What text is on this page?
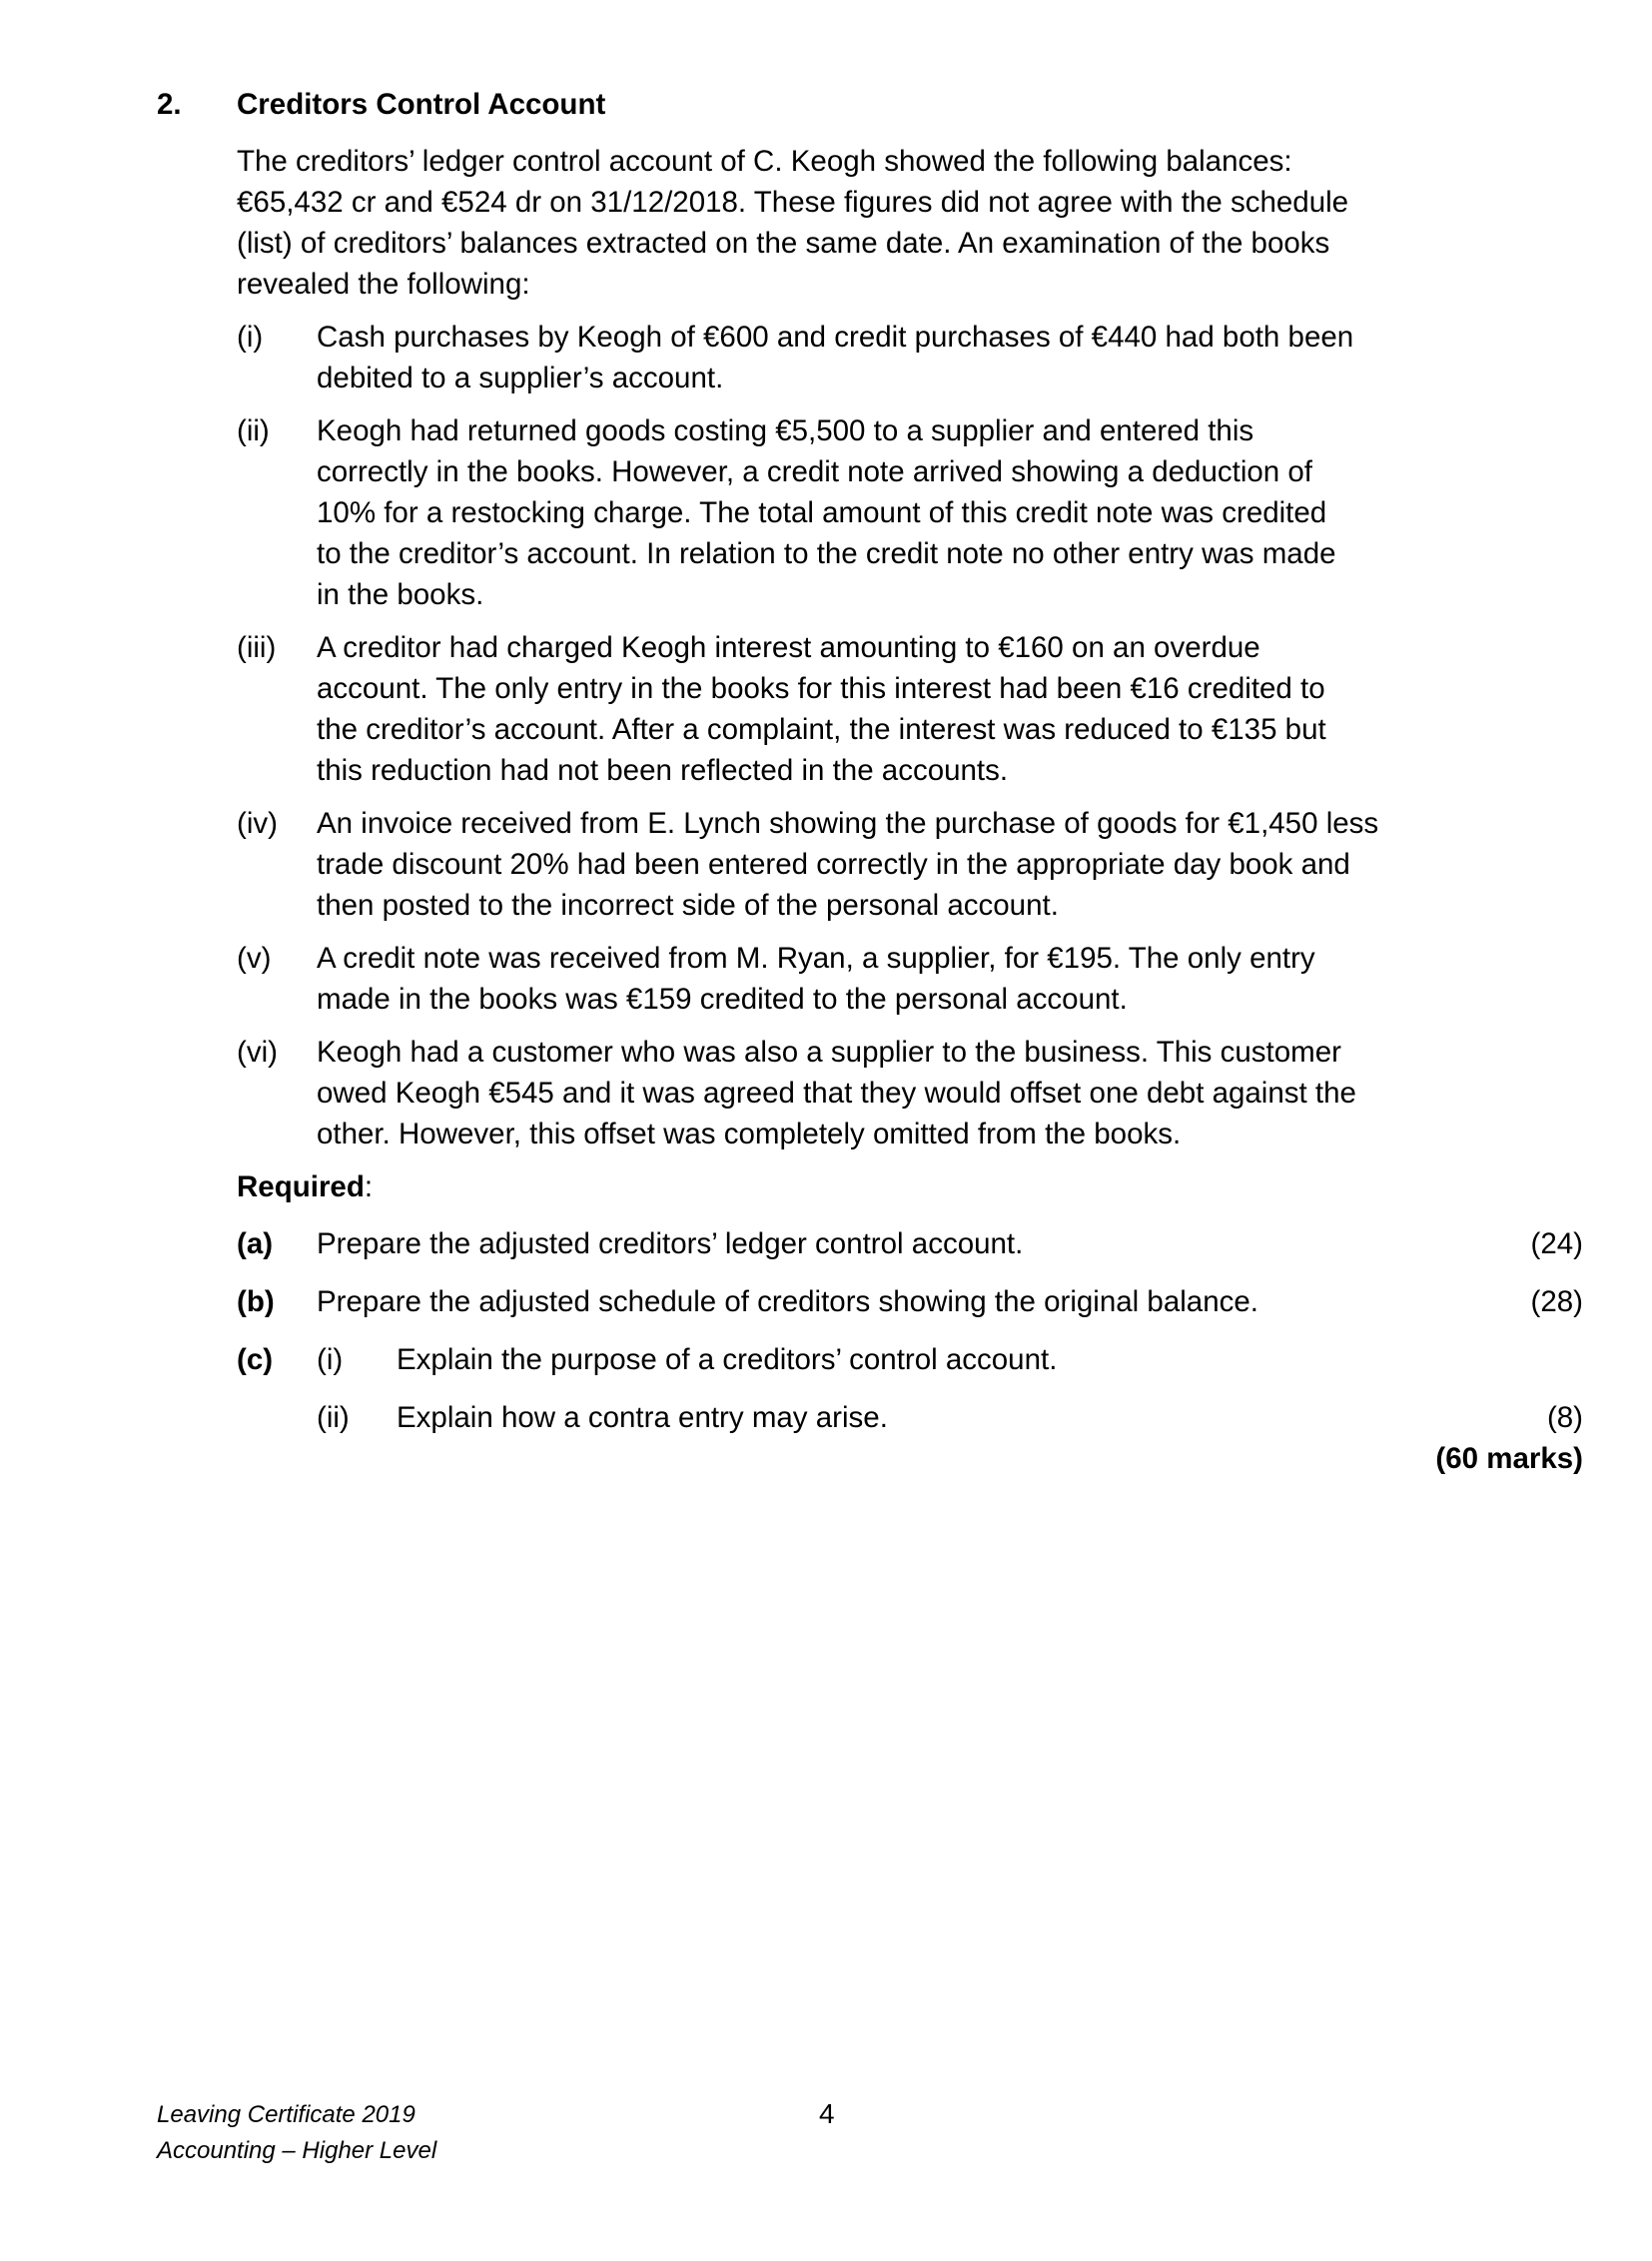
2. Creditors Control Account
The creditors’ ledger control account of C. Keogh showed the following balances:
€65,432 cr and €524 dr on 31/12/2018. These figures did not agree with the schedule
(list) of creditors’ balances extracted on the same date. An examination of the books
revealed the following:
(i) Cash purchases by Keogh of €600 and credit purchases of €440 had both been
debited to a supplier’s account.
(ii) Keogh had returned goods costing €5,500 to a supplier and entered this
correctly in the books. However, a credit note arrived showing a deduction of
10% for a restocking charge. The total amount of this credit note was credited
to the creditor’s account. In relation to the credit note no other entry was made
in the books.
(iii) A creditor had charged Keogh interest amounting to €160 on an overdue
account. The only entry in the books for this interest had been €16 credited to
the creditor’s account. After a complaint, the interest was reduced to €135 but
this reduction had not been reflected in the accounts.
(iv) An invoice received from E. Lynch showing the purchase of goods for €1,450 less
trade discount 20% had been entered correctly in the appropriate day book and
then posted to the incorrect side of the personal account.
(v) A credit note was received from M. Ryan, a supplier, for €195. The only entry
made in the books was €159 credited to the personal account.
(vi) Keogh had a customer who was also a supplier to the business. This customer
owed Keogh €545 and it was agreed that they would offset one debt against the
other. However, this offset was completely omitted from the books.
Required:
(a) Prepare the adjusted creditors’ ledger control account.	(24)
(b) Prepare the adjusted schedule of creditors showing the original balance.	(28)
(c) (i) Explain the purpose of a creditors’ control account.
(ii) Explain how a contra entry may arise.	(8)
(60 marks)
Leaving Certificate 2019
Accounting – Higher Level
4
